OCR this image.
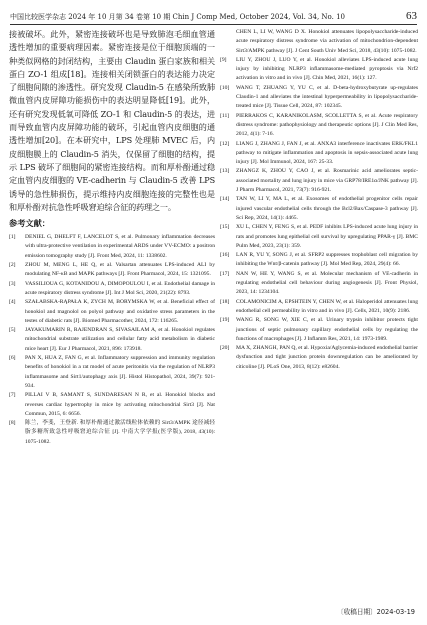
中国比较医学杂志 2024 年 10 月第 34 卷第 10 期 Chin J Comp Med, October 2024, Vol. 34, No. 10	63

接被破坏。此外，紧密连接破坏也是导致肺泡毛细血管通透性增加的重要病理因素。紧密连接是位于细胞顶端的一种类似网格的封闭结构，主要由 Claudin 蛋白家族和相关蛋白 ZO-1 组成[18]。连接相关闭锁蛋白的表达能力决定了细胞间隙的渗透性。研究发现 Claudin-5 在感染所致肺微血管内皮屏障功能损伤中的表达明显降低[19]。此外，还有研究发现低氧可降低 ZO-1 和 Claudin-5 的表达，进而导致血管内皮屏障功能的破坏，引起血管内皮细胞的通透性增加[20]。在本研究中，LPS 处理肺 MVEC 后，内皮细胞膜上的 Claudin-5 消失，仅保留了细胞的结构，提示 LPS 破坏了细胞间的紧密连接结构。而和厚朴酚通过稳定血管内皮细胞的 VE-cadherin 与 Claudin-5 改善 LPS 诱导的急性肺损伤，提示维持内皮细胞连接的完整性也是和厚朴酚对抗急性呼吸窘迫综合征的药理之一。

参考文献：
[1]	DENIEL G, DHELFT F, LANCELOT S, et al. Pulmonary inflammation decreases with ultra-protective ventilation in experimental ARDS under VV-ECMO: a positron emission tomography study [J]. Front Med, 2024, 11: 1338602.
[2]	ZHOU M, MENG L, HE Q, et al. Valsartan attenuates LPS-induced ALI by modulating NF-κB and MAPK pathways [J]. Front Pharmacol, 2024, 15: 1321095.
[3]	VASSILIOUA G, KOTANIDOU A, DIMOPOULOU I, et al. Endothelial damage in acute respiratory distress syndrome [J]. Int J Mol Sci, 2020, 21(22): 8793.
[4]	SZAŁABSKA-RĄPAŁA K, ZYCH M, BORYMSKA W, et al. Beneficial effect of honokiol and magnolol on polyol pathway and oxidative stress parameters in the testes of diabetic rats [J]. Biomed Pharmacother, 2024, 172: 116265.
[5]	JAYAKUMARIN R, RAJENDRAN S, SIVASAILAM A, et al. Honokiol regulates mitochondrial substrate utilization and cellular fatty acid metabolism in diabetic mice heart [J]. Eur J Pharmacol, 2021, 896: 173918.
[6]	PAN X, HUA Z, FAN G, et al. Inflammatory suppression and immunity regulation benefits of honokiol in a rat model of acute peritonitis via the regulation of NLRP3 inflammasome and Sirt1/autophagy axis [J]. Histol Histopathol, 2024, 39(7): 921-934.
[7]	PILLAI V B, SAMANT S, SUNDARESAN N R, et al. Honokiol blocks and reverses cardiac hypertrophy in mice by activating mitochondrial Sirt3 [J]. Nat Commun, 2015, 6: 6656.
[8]	陈兰，李斐，王登新. 和厚朴酚通过激活线粒体依赖的 Sirt3/AMPK 途径减轻脂多糖所致急性呼吸窘迫综合征 [J]. 中南大学学报(医学版), 2018, 43(10): 1075-1082.
CHEN L, LI W, WANG D X. Honokiol attenuates lipopolysaccharide-induced acute respiratory distress syndrome via activation of mitochondrion-dependent Sirt3/AMPK pathway [J]. J Cent South Univ Med Sci, 2018, 43(10): 1075-1082.
[9]	LIU Y, ZHOU J, LUO Y, et al. Honokiol alleviates LPS-induced acute lung injury by inhibiting NLRP3 inflammasome-mediated pyroptosis via Nrf2 activation in vitro and in vivo [J]. Chin Med, 2021, 16(1): 127.
[10]	WANG T, ZHUANG Y, YU C, et al. D-beta-hydroxybutyrate up-regulates Claudin-1 and alleviates the intestinal hyperpermeability in lipopolysaccharide-treated mice [J]. Tissue Cell, 2024, 87: 102345.
[11]	PIERRAKOS C, KARANIKOLASM, SCOLLETTA S, et al. Acute respiratory distress syndrome: pathophysiology and therapeutic options [J]. J Clin Med Res, 2012, 4(1): 7-16.
[12]	LIANG J, ZHANG J, FAN J, et al. ANXA3 interference inactivates ERK/FKL1 pathway to mitigate inflammation and apoptosis in sepsis-associated acute lung injury [J]. Mol Immunol, 2024, 167: 25-33.
[13]	ZHANGZ K, ZHOU Y, CAO J, et al. Rosmarinic acid ameliorates septic-associated mortality and lung injury in mice via GRP78/IRE1α/JNK pathway [J]. J Pharm Pharmacol, 2021, 73(7): 916-921.
[14]	TAN W, LI Y, MA L, et al. Exosomes of endothelial progenitor cells repair injured vascular endothelial cells through the Bcl2/Bax/Caspase-3 pathway [J]. Sci Rep, 2024, 14(1): 4465.
[15]	XU L, CHEN Y, FENG S, et al. PEDF inhibits LPS-induced acute lung injury in rats and promotes lung epithelial cell survival by upregulating PPAR-γ [J]. BMC Pulm Med, 2023, 23(1): 359.
[16]	LAN R, YU Y, SONG J, et al. SFRP2 suppresses trophoblast cell migration by inhibiting the Wnt/β-catenin pathway [J]. Mol Med Rep, 2024, 29(4): 66.
[17]	NAN W, HE Y, WANG S, et al. Molecular mechanism of VE-cadherin in regulating endothelial cell behaviour during angiogenesis [J]. Front Physiol, 2023, 14: 1234104.
[18]	COLAMONICIM A, EPSHTEIN Y, CHEN W, et al. Haloperidol attenuates lung endothelial cell permeability in vitro and in vivo [J]. Cells, 2021, 10(9): 2186.
[19]	WANG R, SONG W, XIE C, et al. Urinary trypsin inhibitor protects tight junctions of septic pulmonary capillary endothelial cells by regulating the functions of macrophages [J]. J Inflamm Res, 2021, 14: 1973-1989.
[20]	MA X, ZHANGH, PAN Q, et al. Hypoxia/Aglycemia-induced endothelial barrier dysfunction and tight junction protein downregulation can be ameliorated by citicoline [J]. PLoS One, 2013, 8(12): e82604.
〔收稿日期〕2024-03-19
